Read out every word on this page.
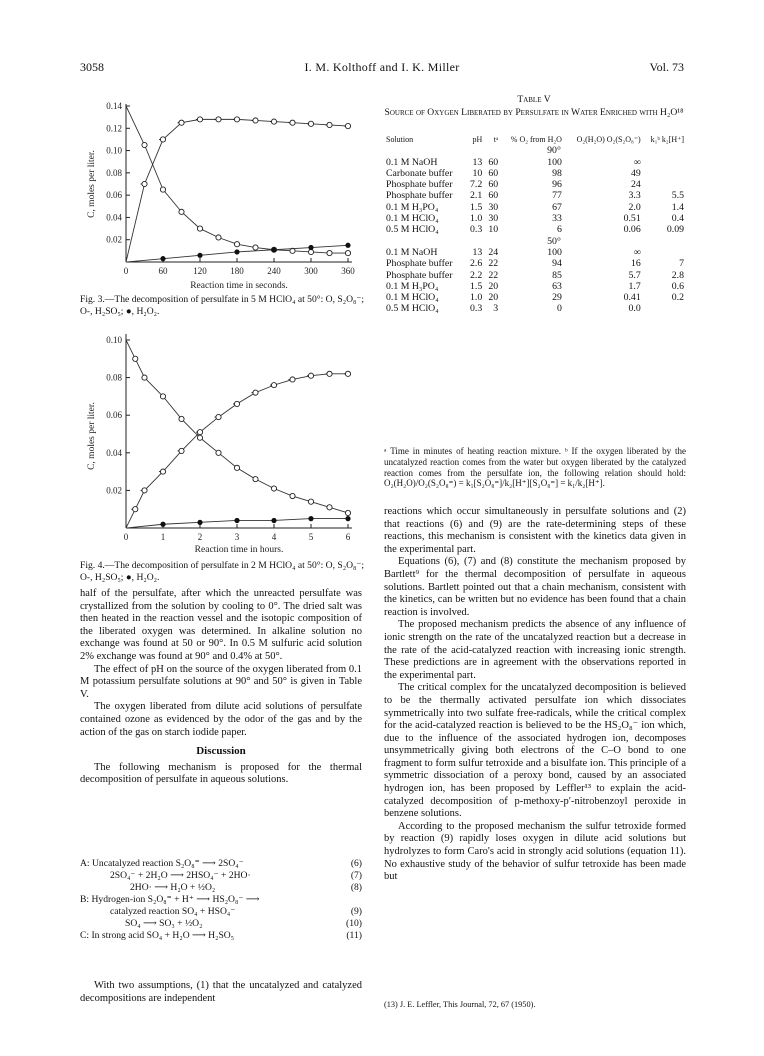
3058	I. M. Kolthoff and I. K. Miller	Vol. 73
0.14
0.12
0.10
0.08
0.06
0.04
0.02
0	60	120	180	240	300	360
C, moles per liter.
Reaction time in seconds.
Fig. 3.—The decomposition of persulfate in 5 M HClO₄ at 50°: O, S₂O₈⁻; O-, H₂SO₅; ●, H₂O₂.
0.10
0.08
0.06
0.04
0.02
0	1	2	3	4	5	6
C, moles per liter.
Reaction time in hours.
Fig. 4.—The decomposition of persulfate in 2 M HClO₄ at 50°: O, S₂O₈⁻; O-, H₂SO₅; ●, H₂O₂.

half of the persulfate, after which the unreacted persulfate was crystallized from the solution by cooling to 0°. The dried salt was then heated in the reaction vessel and the isotopic composition of the liberated oxygen was determined. In alkaline solution no exchange was found at 50 or 90°. In 0.5 M sulfuric acid solution 2% exchange was found at 90° and 0.4% at 50°.

The effect of pH on the source of the oxygen liberated from 0.1 M potassium persulfate solutions at 90° and 50° is given in Table V.

The oxygen liberated from dilute acid solutions of persulfate contained ozone as evidenced by the odor of the gas and by the action of the gas on starch iodide paper.

Discussion

The following mechanism is proposed for the thermal decomposition of persulfate in aqueous solutions.

A: Uncatalyzed reaction S₂O₈⁼ ⟶ 2SO₄⁻	(6)
2SO₄⁻ + 2H₂O ⟶ 2HSO₄⁻ + 2HO·	(7)
2HO· ⟶ H₂O + ½O₂	(8)
B: Hydrogen-ion S₂O₈⁼ + H⁺ ⟶ HS₂O₈⁻ ⟶
catalyzed reaction SO₄ + HSO₄⁻	(9)
SO₄ ⟶ SO₃ + ½O₂	(10)
C: In strong acid SO₄ + H₂O ⟶ H₂SO₅	(11)

With two assumptions, (1) that the uncatalyzed and catalyzed decompositions are independent

Table V
Source of Oxygen Liberated by Persulfate in Water Enriched with H₂O¹⁸
Solution	pH	tᵃ	% O₂ from H₂O	O₂(H₂O) O₂(S₂O₈⁼)	k₁ᵇ k₂[H⁺]
90°					
0.1 M NaOH	13	60	100	∞	
Carbonate buffer	10	60	98	49	
Phosphate buffer	7.2	60	96	24	
Phosphate buffer	2.1	60	77	3.3	5.5
0.1 M H₃PO₄	1.5	30	67	2.0	1.4
0.1 M HClO₄	1.0	30	33	0.51	0.4
0.5 M HClO₄	0.3	10	6	0.06	0.09
50°					
0.1 M NaOH	13	24	100	∞	
Phosphate buffer	2.6	22	94	16	7
Phosphate buffer	2.2	22	85	5.7	2.8
0.1 M H₃PO₄	1.5	20	63	1.7	0.6
0.1 M HClO₄	1.0	20	29	0.41	0.2
0.5 M HClO₄	0.3	3	0	0.0	
ᵃ Time in minutes of heating reaction mixture. ᵇ If the oxygen liberated by the uncatalyzed reaction comes from the water but oxygen liberated by the catalyzed reaction comes from the persulfate ion, the following relation should hold: O₂(H₂O)/O₂(S₂O₈⁼) = k₁[S₂O₈⁼]/k₂[H⁺][S₂O₈⁼] = k₁/k₂[H⁺].

reactions which occur simultaneously in persulfate solutions and (2) that reactions (6) and (9) are the rate-determining steps of these reactions, this mechanism is consistent with the kinetics data given in the experimental part.

Equations (6), (7) and (8) constitute the mechanism proposed by Bartlett⁹ for the thermal decomposition of persulfate in aqueous solutions. Bartlett pointed out that a chain mechanism, consistent with the kinetics, can be written but no evidence has been found that a chain reaction is involved.

The proposed mechanism predicts the absence of any influence of ionic strength on the rate of the uncatalyzed reaction but a decrease in the rate of the acid-catalyzed reaction with increasing ionic strength. These predictions are in agreement with the observations reported in the experimental part.

The critical complex for the uncatalyzed decomposition is believed to be the thermally activated persulfate ion which dissociates symmetrically into two sulfate free-radicals, while the critical complex for the acid-catalyzed reaction is believed to be the HS₂O₈⁻ ion which, due to the influence of the associated hydrogen ion, decomposes unsymmetrically giving both electrons of the C–O bond to one fragment to form sulfur tetroxide and a bisulfate ion. This principle of a symmetric dissociation of a peroxy bond, caused by an associated hydrogen ion, has been proposed by Leffler¹³ to explain the acid-catalyzed decomposition of p-methoxy-p′-nitrobenzoyl peroxide in benzene solutions.

According to the proposed mechanism the sulfur tetroxide formed by reaction (9) rapidly loses oxygen in dilute acid solutions but hydrolyzes to form Caro's acid in strongly acid solutions (equation 11). No exhaustive study of the behavior of sulfur tetroxide has been made but

(13) J. E. Leffler, This Journal, 72, 67 (1950).
